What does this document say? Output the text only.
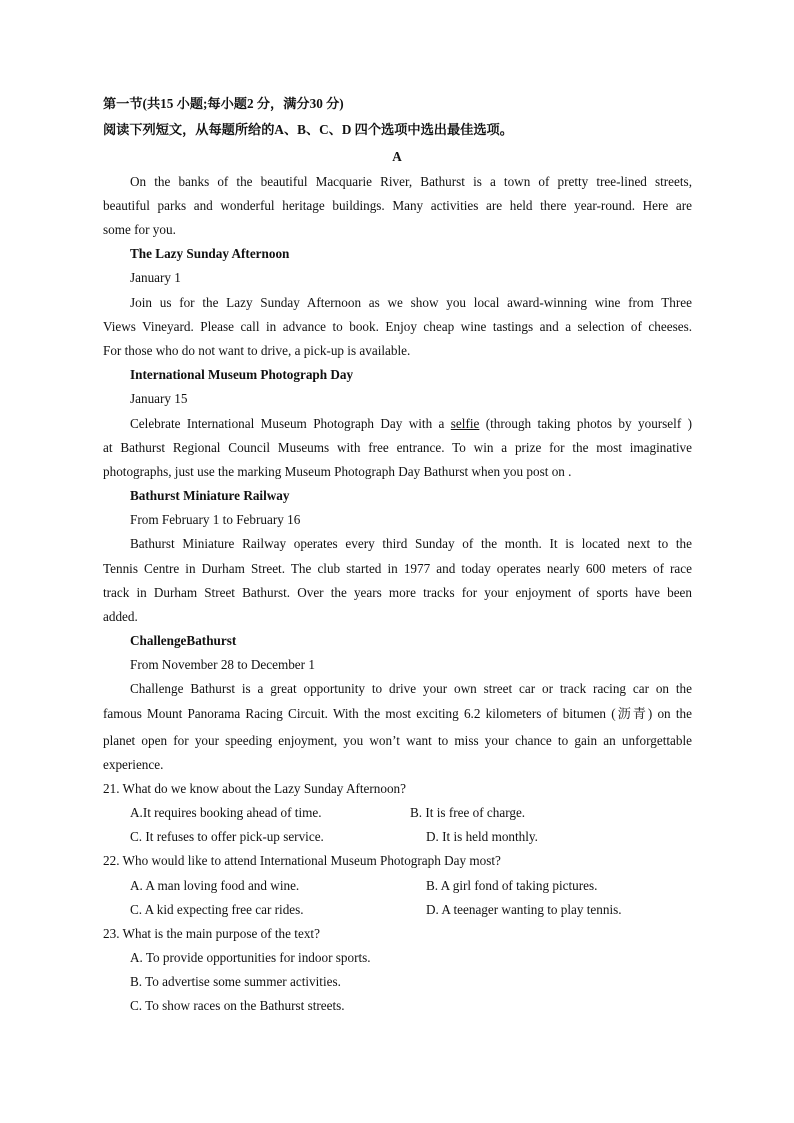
第一节(共15 小题;每小题2 分，满分30 分)
阅读下列短文，从每题所给的A、B、C、D 四个选项中选出最佳选项。
A
On the banks of the beautiful Macquarie River, Bathurst is a town of pretty tree-lined streets,
beautiful parks and wonderful heritage buildings. Many activities are held there year-round. Here are
some for you.
The Lazy Sunday Afternoon
January 1
Join us for the Lazy Sunday Afternoon as we show you local award-winning wine from Three
Views Vineyard. Please call in advance to book. Enjoy cheap wine tastings and a selection of cheeses.
For those who do not want to drive, a pick-up is available.
International Museum Photograph Day
January 15
Celebrate International Museum Photograph Day with a selfie (through taking photos by yourself )
at Bathurst Regional Council Museums with free entrance. To win a prize for the most imaginative
photographs, just use the marking Museum Photograph Day Bathurst when you post on .
Bathurst Miniature Railway
From February 1 to February 16
Bathurst Miniature Railway operates every third Sunday of the month. It is located next to the
Tennis Centre in Durham Street. The club started in 1977 and today operates nearly 600 meters of race
track in Durham Street Bathurst. Over the years more tracks for your enjoyment of sports have been
added.
ChallengeBathurst
From November 28 to December 1
Challenge Bathurst is a great opportunity to drive your own street car or track racing car on the
famous Mount Panorama Racing Circuit. With the most exciting 6.2 kilometers of bitumen (沥青) on the
planet open for your speeding enjoyment, you won’t want to miss your chance to gain an unforgettable
experience.
21. What do we know about the Lazy Sunday Afternoon?
A.It requires booking ahead of time.	B. It is free of charge.
C. It refuses to offer pick-up service.	D. It is held monthly.
22. Who would like to attend International Museum Photograph Day most?
A. A man loving food and wine.	B. A girl fond of taking pictures.
C. A kid expecting free car rides.	D. A teenager wanting to play tennis.
23. What is the main purpose of the text?
A. To provide opportunities for indoor sports.
B. To advertise some summer activities.
C. To show races on the Bathurst streets.
